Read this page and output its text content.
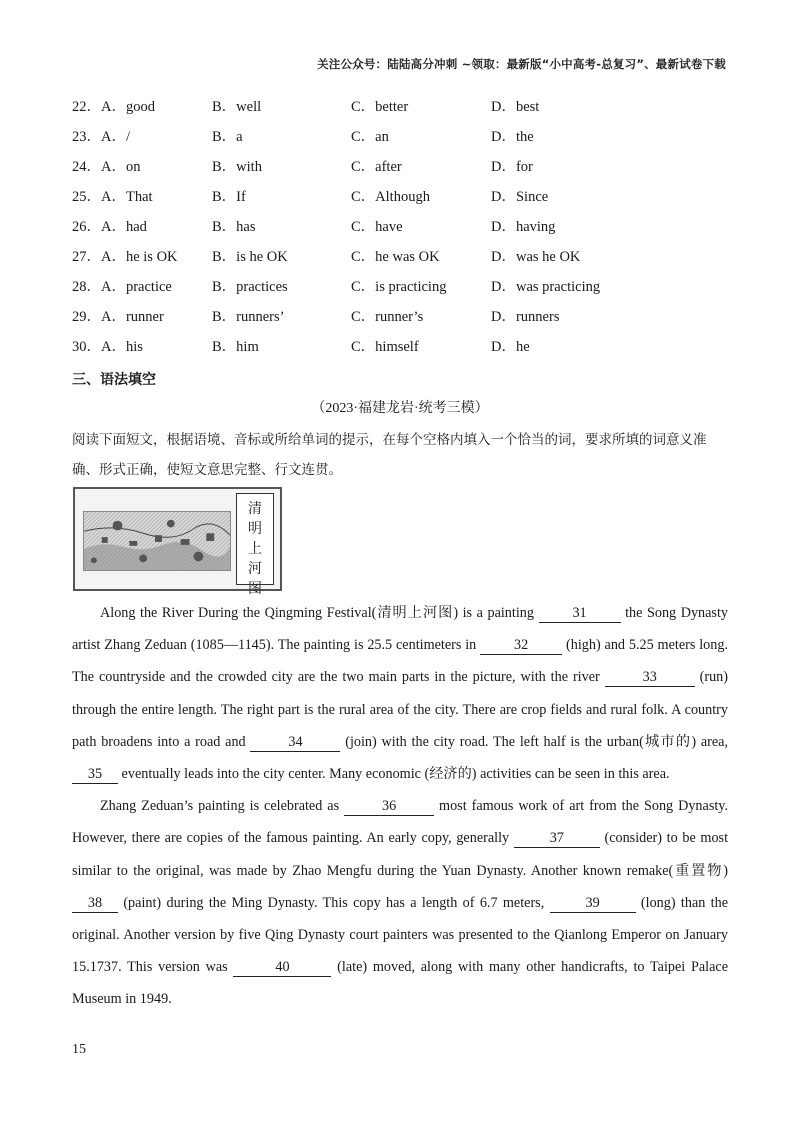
关注公众号：陆陆高分冲刺 ~领取：最新版“小中高考-总复习”、最新试卷下载
22．A．good	B．well	C．better	D．best
23．A．/	B．a	C．an	D．the
24．A．on	B．with	C．after	D．for
25．A．That	B．If	C．Although	D．Since
26．A．had	B．has	C．have	D．having
27．A．he is OK B．is he OK	C．he was OK	D．was he OK
28．A．practice	B．practices	C．is practicing	D．was practicing
29．A．runner	B．runners’	C．runner’s	D．runners
30．A．his	B．him	C．himself	D．he
三、语法填空
（2023·福建龙岩·统考三模）
阅读下面短文，根据语境、音标或所给单词的提示，在每个空格内填入一个恰当的词，要求所填的词意义准确、形式正确，使短文意思完整、行文连贯。
清
明
上
河
图

Along the River During the Qingming Festival(清明上河图) is a painting 31 the Song Dynasty artist Zhang Zeduan (1085—1145). The painting is 25.5 centimeters in 32 (high) and 5.25 meters long. The countryside and the crowded city are the two main parts in the picture, with the river	33	(run) through the entire length. The right part is the rural area of the city. There are crop fields and rural folk. A country path broadens into a road and	34	(join) with the city road. The left half is the urban(城市的) area, 35 eventually leads into the city center. Many economic (经济的) activities can be seen in this area.

Zhang Zeduan’s painting is celebrated as	36	most famous work of art from the Song Dynasty. However, there are copies of the famous painting. An early copy, generally	37	(consider) to be most similar to the original, was made by Zhao Mengfu during the Yuan Dynasty. Another known remake(重置物) 38 (paint) during the Ming Dynasty. This copy has a length of 6.7 meters,	39	(long) than the original. Another version by five Qing Dynasty court painters was presented to the Qianlong Emperor on January 15.1737. This version was	40	(late) moved, along with many other handicrafts, to Taipei Palace Museum in 1949.

15
